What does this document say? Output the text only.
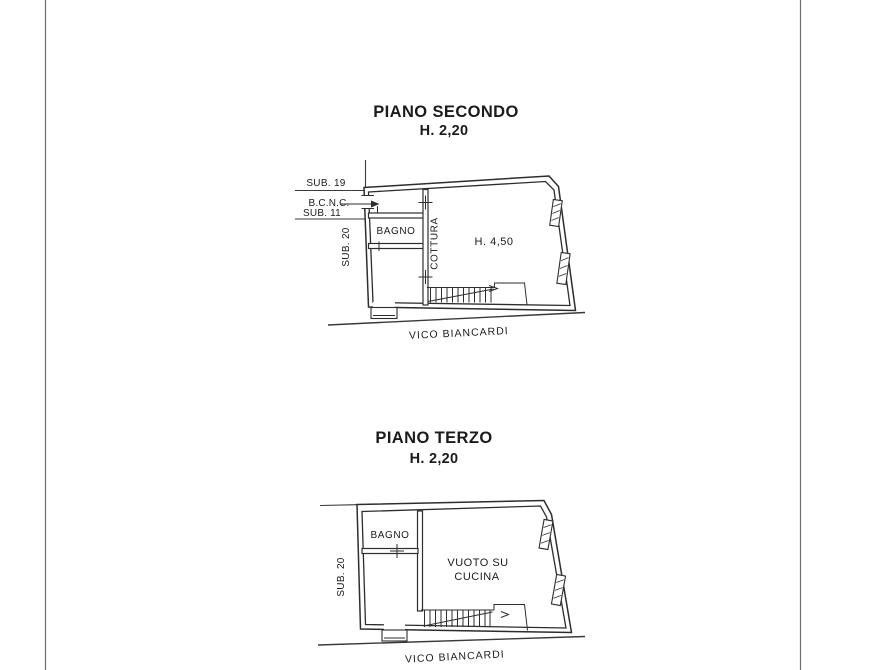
PIANO SECONDO
H. 2,20
SUB. 19
B.C.N.C.
SUB. 11
SUB. 20 BAGNO COTTURA	H. 4,50
VICO BIANCARDI
PIANO TERZO
H. 2,20
SUB. 20
BAGNO
VUOTO SU
CUCINA
VICO BIANCARDI
